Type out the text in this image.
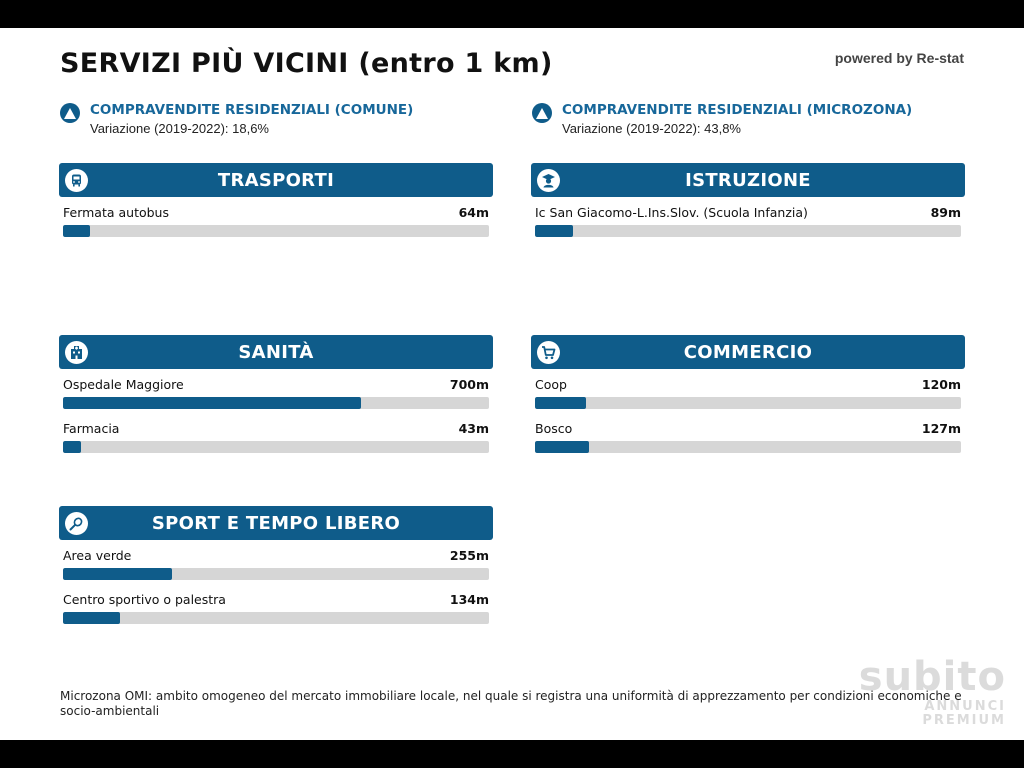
SERVIZI PIÙ VICINI (entro 1 km)	powered by Re-stat
COMPRAVENDITE RESIDENZIALI (COMUNE)
Variazione (2019-2022): 18,6%
COMPRAVENDITE RESIDENZIALI (MICROZONA)
Variazione (2019-2022): 43,8%
TRASPORTI
Fermata autobus	64m
ISTRUZIONE
Ic San Giacomo-L.Ins.Slov. (Scuola Infanzia)	89m
SANITÀ
Ospedale Maggiore	700m
Farmacia	43m
COMMERCIO
Coop	120m
Bosco	127m
SPORT E TEMPO LIBERO
Area verde	255m
Centro sportivo o palestra	134m
Microzona OMI: ambito omogeneo del mercato immobiliare locale, nel quale si registra una uniformità di apprezzamento per condizioni economiche e socio-ambientali
subito
ANNUNCI
PREMIUM
